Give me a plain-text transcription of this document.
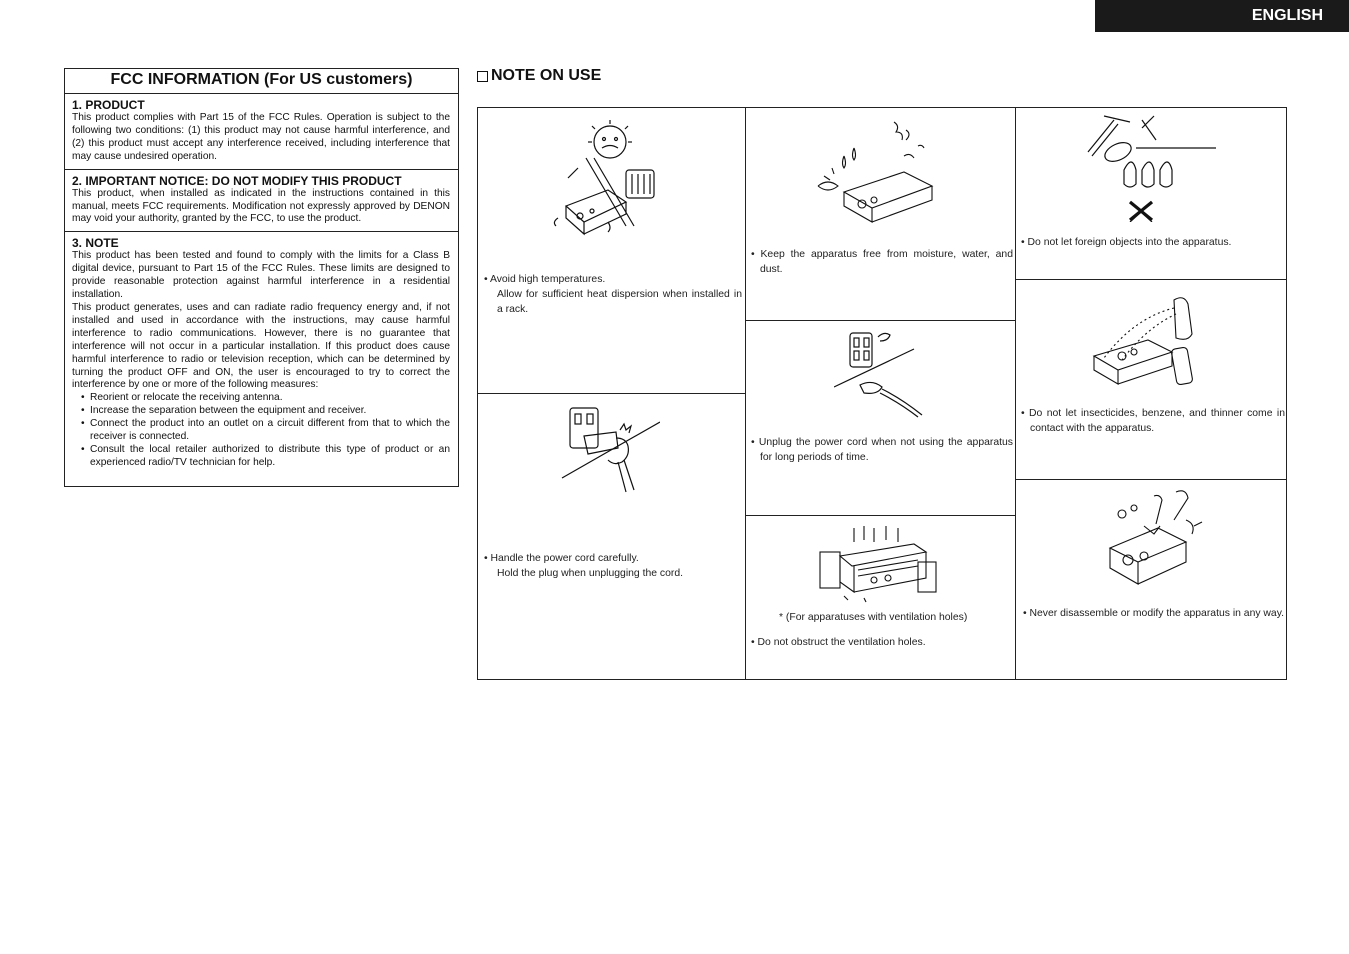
ENGLISH
FCC INFORMATION (For US customers)
1. PRODUCT

This product complies with Part 15 of the FCC Rules. Operation is subject to the following two conditions: (1) this product may not cause harmful interference, and (2) this product must accept any interference received, including interference that may cause undesired operation.

2. IMPORTANT NOTICE: DO NOT MODIFY THIS PRODUCT

This product, when installed as indicated in the instructions contained in this manual, meets FCC requirements. Modification not expressly approved by DENON may void your authority, granted by the FCC, to use the product.

3. NOTE

This product has been tested and found to comply with the limits for a Class B digital device, pursuant to Part 15 of the FCC Rules. These limits are designed to provide reasonable protection against harmful interference in a residential installation.

This product generates, uses and can radiate radio frequency energy and, if not installed and used in accordance with the instructions, may cause harmful interference to radio communications. However, there is no guarantee that interference will not occur in a particular installation. If this product does cause harmful interference to radio or television reception, which can be determined by turning the product OFF and ON, the user is encouraged to try to correct the interference by one or more of the following measures:

• Reorient or relocate the receiving antenna.
• Increase the separation between the equipment and receiver.
• Connect the product into an outlet on a circuit different from that to which the receiver is connected.
• Consult the local retailer authorized to distribute this type of product or an experienced radio/TV technician for help.
NOTE ON USE
• Avoid high temperatures.
Allow for sufficient heat dispersion when installed in a rack.
• Handle the power cord carefully.
Hold the plug when unplugging the cord.
• Keep the apparatus free from moisture, water, and dust.
• Unplug the power cord when not using the apparatus for long periods of time.
* (For apparatuses with ventilation holes)
• Do not obstruct the ventilation holes.
• Do not let foreign objects into the apparatus.
• Do not let insecticides, benzene, and thinner come in contact with the apparatus.
• Never disassemble or modify the apparatus in any way.
